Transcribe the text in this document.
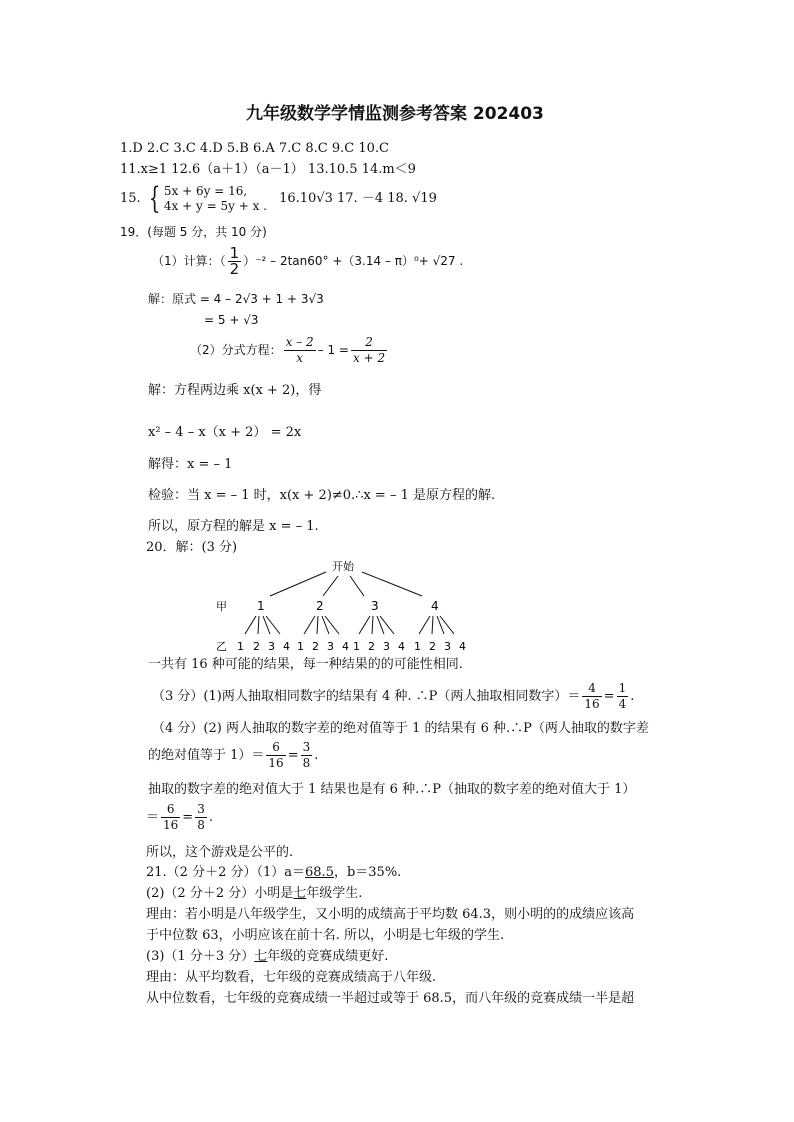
九年级数学学情监测参考答案 202403
1.D 2.C 3.C 4.D 5.B 6.A 7.C 8.C 9.C 10.C
11.x≥1 12.6（a＋1）（a－1） 13.10.5 14.m＜9
15. { 5x + 6y = 16,
4x + y = 5y + x . 16.10√3 17. －4 18. √19
19．(每题 5 分，共 10 分)
（1）计算：（ $\frac{1}{2} )^{-2} - 2\tan 60^\circ +(3.14 - \pi)^0+ √27$ .
解：原式 = 4 – 2√3 + 1 + 3√3
= 5 + √3
（2）分式方程： $\frac{x - 2}{x} - 1 = \frac{2}{x + 2}$
解：方程两边乘 x(x + 2)，得
x² – 4 – x（x + 2） = 2x
解得：x = – 1
检验：当 x = – 1 时，x(x + 2)≠0.∴x = – 1 是原方程的解.
所以，原方程的解是 x = – 1.
20．解：(3 分)
开始
甲	1	2	3	4
乙 1 2 3 4 1 2 3 4 1 2 3 4 1 2 3 4
一共有 16 种可能的结果，每一种结果的的可能性相同.
（3 分）(1)两人抽取相同数字的结果有 4 种. ∴P（两人抽取相同数字）＝ $\frac{4}{16} = \frac{1}{4}$ .
（4 分）(2) 两人抽取的数字差的绝对值等于 1 的结果有 6 种.∴P（两人抽取的数字差
的绝对值等于 $1)= \frac{6}{16} = \frac{3}{8}$ .
抽取的数字差的绝对值大于 1 结果也是有 6 种.∴P（抽取的数字差的绝对值大于 1）
＝ $\frac{6}{16} = \frac{3}{8}$ .
所以，这个游戏是公平的.
21.（2 分＋2 分）（1）a＝68.5，b＝35%.
(2)（2 分＋2 分）小明是七年级学生.
理由：若小明是八年级学生，又小明的成绩高于平均数 64.3，则小明的的成绩应该高
于中位数 63，小明应该在前十名. 所以，小明是七年级的学生.
(3)（1 分＋3 分）七年级的竞赛成绩更好.
理由：从平均数看，七年级的竞赛成绩高于八年级.
从中位数看，七年级的竞赛成绩一半超过或等于 68.5，而八年级的竞赛成绩一半是超
